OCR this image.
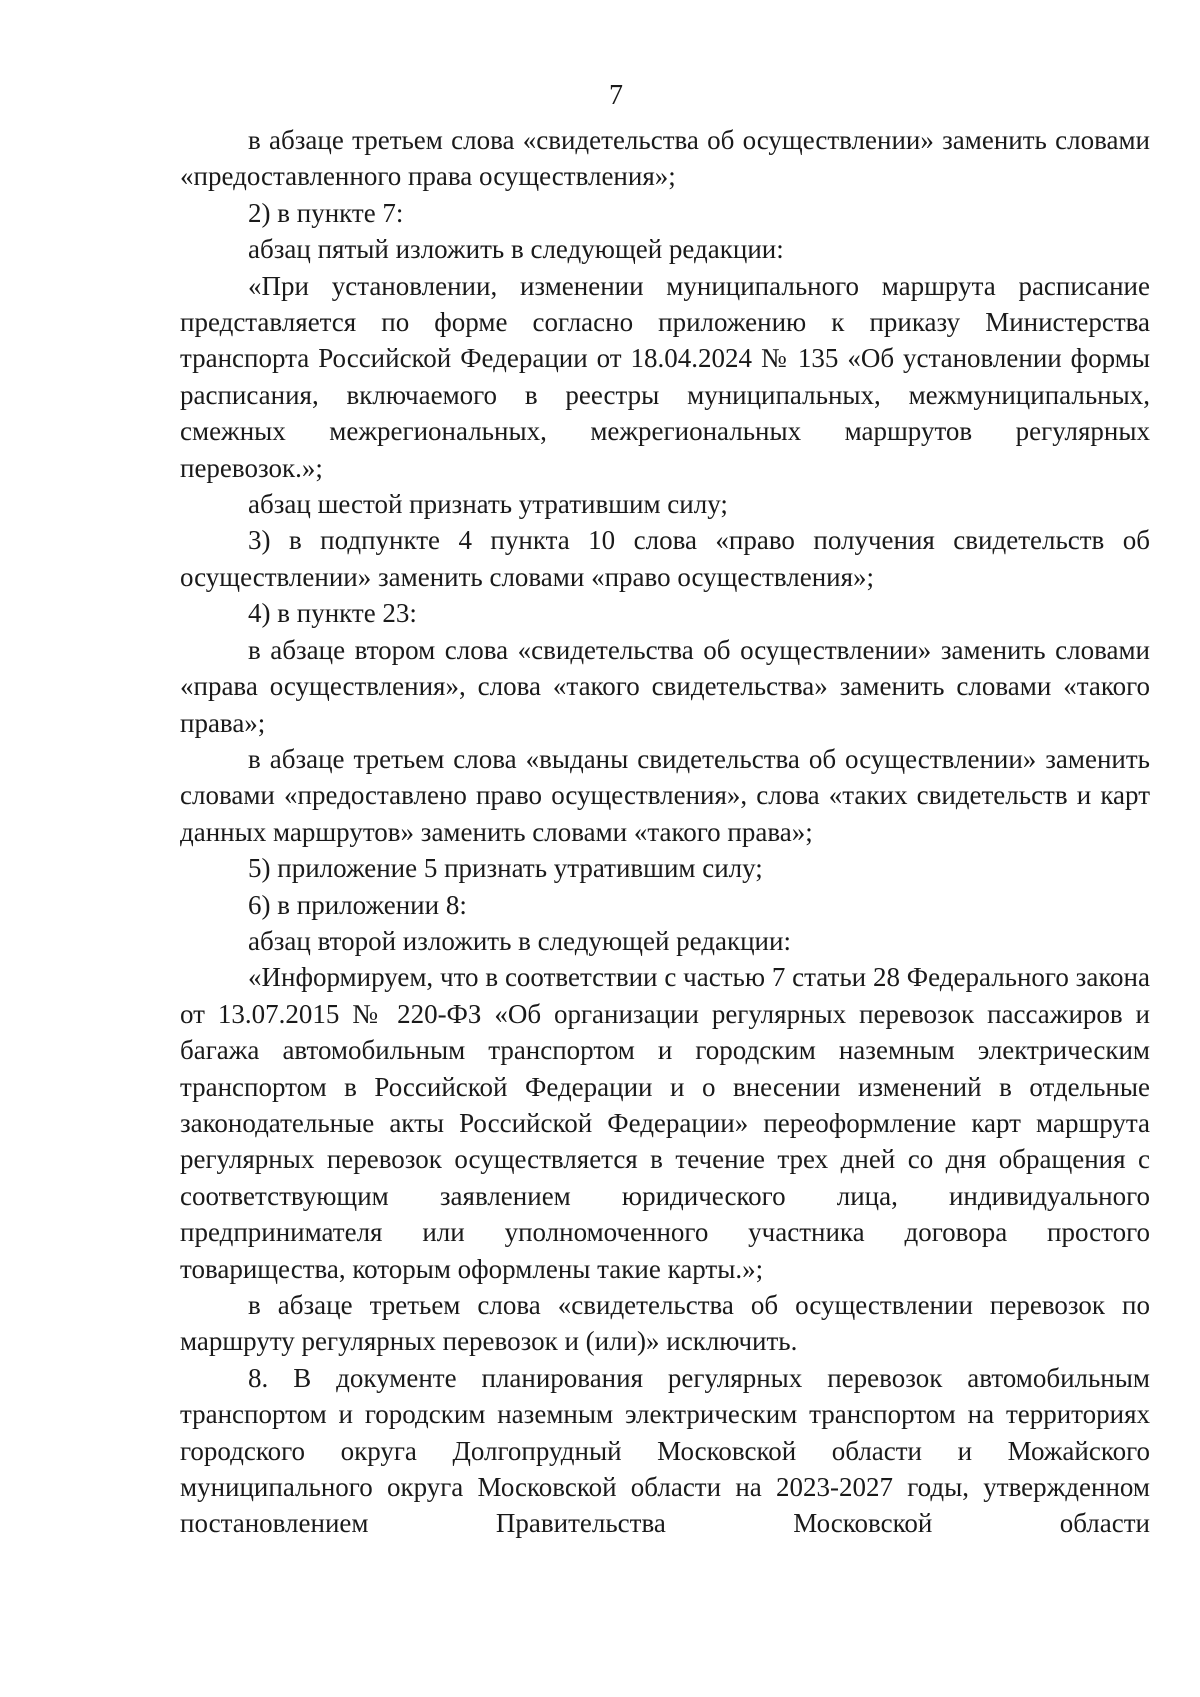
7

в абзаце третьем слова «свидетельства об осуществлении» заменить словами «предоставленного права осуществления»;

2) в пункте 7:

абзац пятый изложить в следующей редакции:

«При установлении, изменении муниципального маршрута расписание представляется по форме согласно приложению к приказу Министерства транспорта Российской Федерации от 18.04.2024 № 135 «Об установлении формы расписания, включаемого в реестры муниципальных, межмуниципальных, смежных межрегиональных, межрегиональных маршрутов регулярных перевозок.»;

абзац шестой признать утратившим силу;

3) в подпункте 4 пункта 10 слова «право получения свидетельств об осуществлении» заменить словами «право осуществления»;

4) в пункте 23:

в абзаце втором слова «свидетельства об осуществлении» заменить словами «права осуществления», слова «такого свидетельства» заменить словами «такого права»;

в абзаце третьем слова «выданы свидетельства об осуществлении» заменить словами «предоставлено право осуществления», слова «таких свидетельств и карт данных маршрутов» заменить словами «такого права»;

5) приложение 5 признать утратившим силу;

6) в приложении 8:

абзац второй изложить в следующей редакции:

«Информируем, что в соответствии с частью 7 статьи 28 Федерального закона от 13.07.2015 № 220-ФЗ «Об организации регулярных перевозок пассажиров и багажа автомобильным транспортом и городским наземным электрическим транспортом в Российской Федерации и о внесении изменений в отдельные законодательные акты Российской Федерации» переоформление карт маршрута регулярных перевозок осуществляется в течение трех дней со дня обращения с соответствующим заявлением юридического лица, индивидуального предпринимателя или уполномоченного участника договора простого товарищества, которым оформлены такие карты.»;

в абзаце третьем слова «свидетельства об осуществлении перевозок по маршруту регулярных перевозок и (или)» исключить.

8. В документе планирования регулярных перевозок автомобильным транспортом и городским наземным электрическим транспортом на территориях городского округа Долгопрудный Московской области и Можайского муниципального округа Московской области на 2023-2027 годы, утвержденном постановлением Правительства Московской области
